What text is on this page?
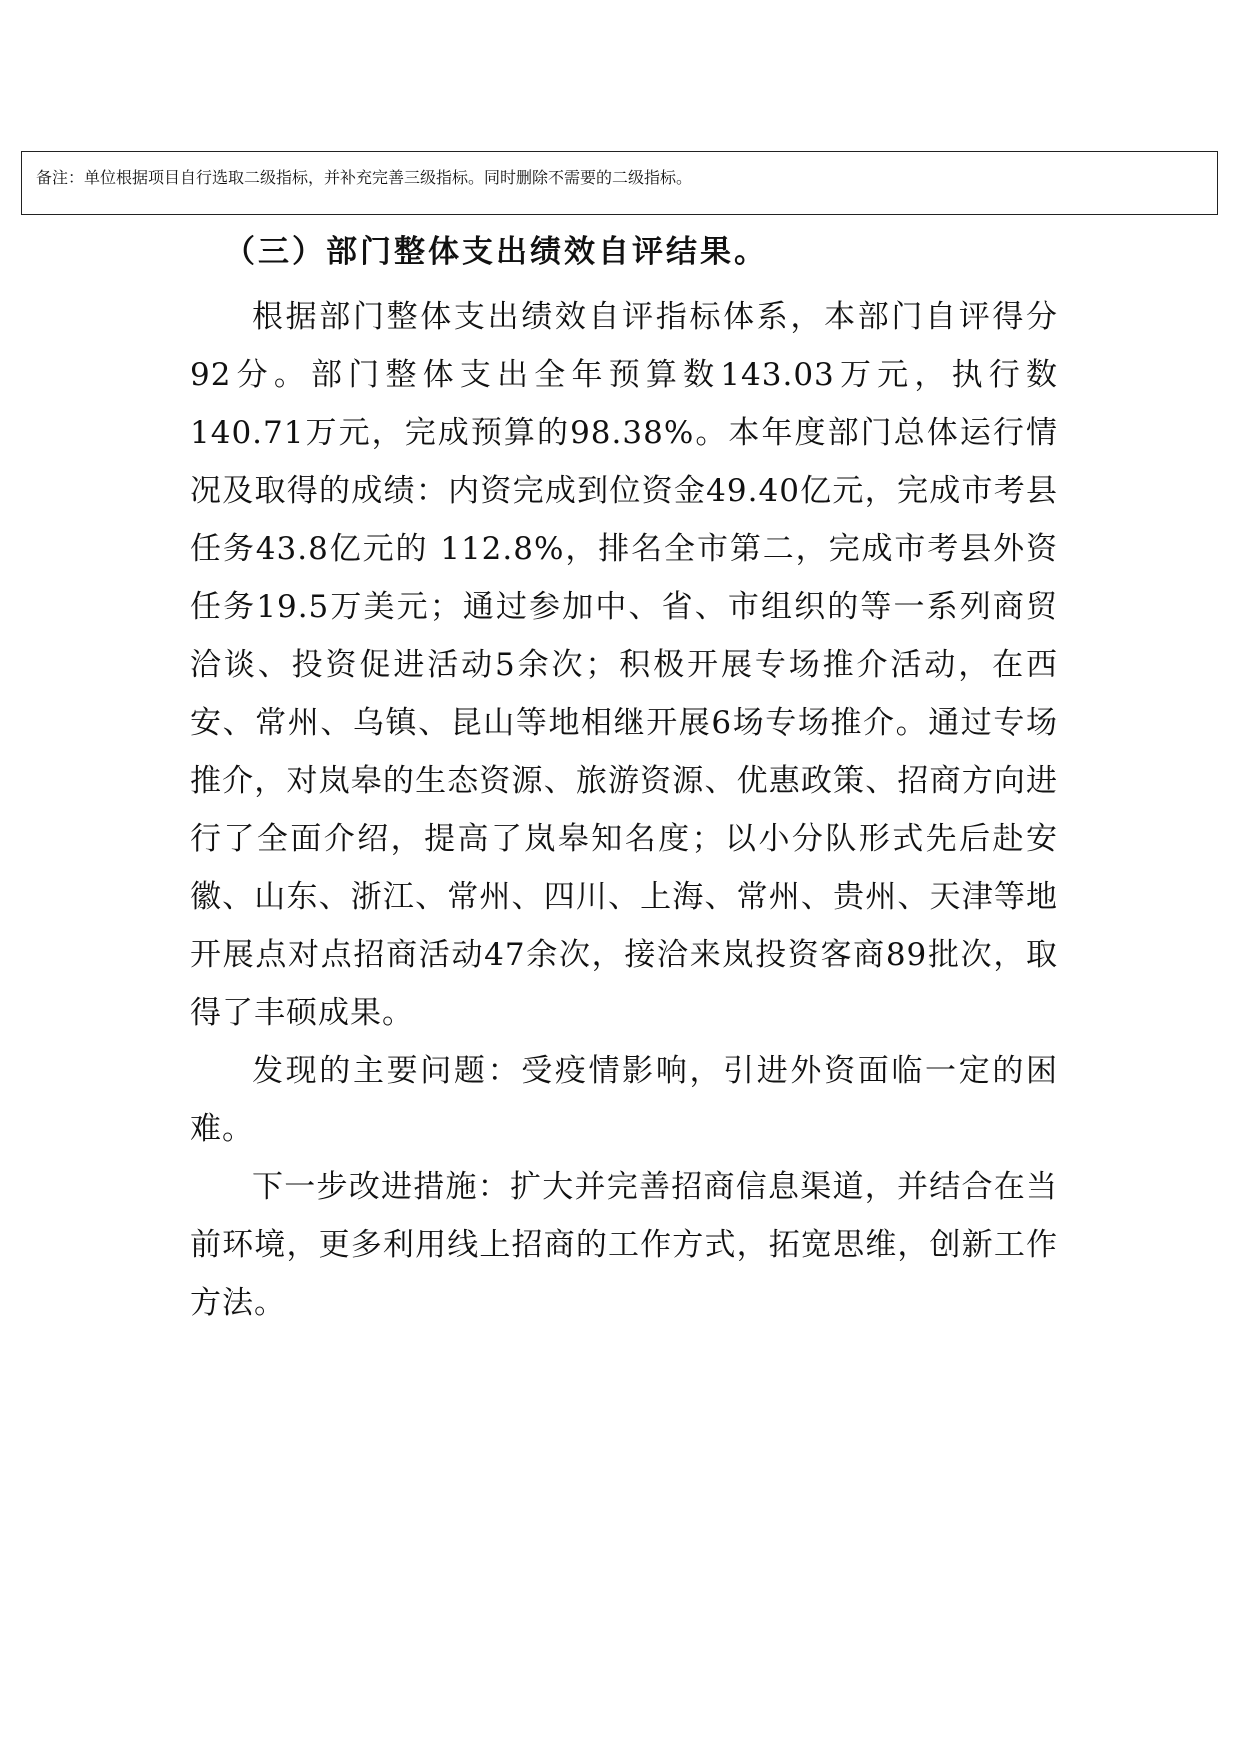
备注：单位根据项目自行选取二级指标，并补充完善三级指标。同时删除不需要的二级指标。
（三）部门整体支出绩效自评结果。

根据部门整体支出绩效自评指标体系，本部门自评得分92分。部门整体支出全年预算数143.03万元，执行数140.71万元，完成预算的98.38%。本年度部门总体运行情况及取得的成绩：内资完成到位资金49.40亿元，完成市考县任务43.8亿元的 112.8%，排名全市第二，完成市考县外资任务19.5万美元；通过参加中、省、市组织的等一系列商贸洽谈、投资促进活动5余次；积极开展专场推介活动，在西安、常州、乌镇、昆山等地相继开展6场专场推介。通过专场推介，对岚皋的生态资源、旅游资源、优惠政策、招商方向进行了全面介绍，提高了岚皋知名度；以小分队形式先后赴安徽、山东、浙江、常州、四川、上海、常州、贵州、天津等地开展点对点招商活动47余次，接洽来岚投资客商89批次，取得了丰硕成果。

发现的主要问题：受疫情影响，引进外资面临一定的困难。

下一步改进措施：扩大并完善招商信息渠道，并结合在当前环境，更多利用线上招商的工作方式，拓宽思维，创新工作方法。
